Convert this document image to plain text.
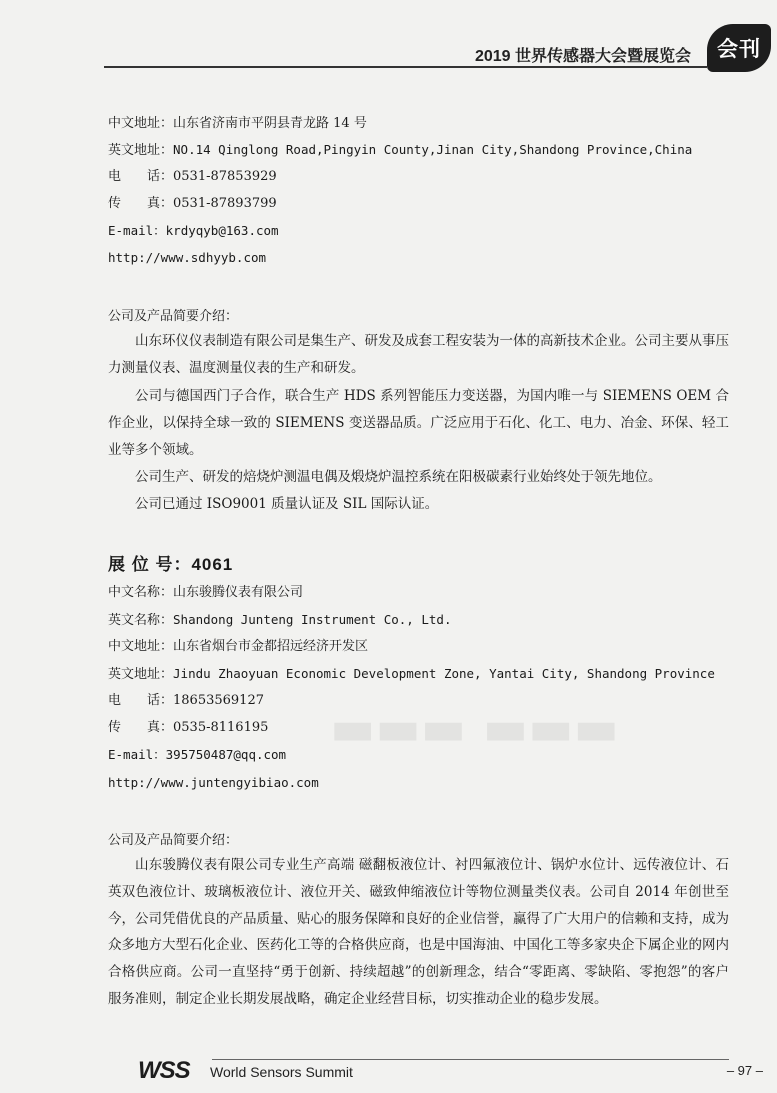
▬▬▬ ▬▬▬
2019 世界传感器大会暨展览会	会刊
中文地址：山东省济南市平阴县青龙路 14 号
英文地址：NO.14 Qinglong Road,Pingyin County,Jinan City,Shandong Province,China
电　　话：0531-87853929
传　　真：0531-87893799
E-mail：krdyqyb@163.com
http://www.sdhyyb.com
公司及产品简要介绍：
山东环仪仪表制造有限公司是集生产、研发及成套工程安装为一体的高新技术企业。公司主要从事压力测量仪表、温度测量仪表的生产和研发。
公司与德国西门子合作，联合生产 HDS 系列智能压力变送器，为国内唯一与 SIEMENS OEM 合作企业，以保持全球一致的 SIEMENS 变送器品质。广泛应用于石化、化工、电力、冶金、环保、轻工业等多个领域。
公司生产、研发的焙烧炉测温电偶及煅烧炉温控系统在阳极碳素行业始终处于领先地位。
公司已通过 ISO9001 质量认证及 SIL 国际认证。
展 位 号：4061
中文名称：山东骏腾仪表有限公司
英文名称：Shandong Junteng Instrument Co., Ltd.
中文地址：山东省烟台市金都招远经济开发区
英文地址：Jindu Zhaoyuan Economic Development Zone, Yantai City, Shandong Province
电　　话：18653569127
传　　真：0535-8116195
E-mail：395750487@qq.com
http://www.juntengyibiao.com
公司及产品简要介绍：
山东骏腾仪表有限公司专业生产高端 磁翻板液位计、衬四氟液位计、锅炉水位计、远传液位计、石英双色液位计、玻璃板液位计、液位开关、磁致伸缩液位计等物位测量类仪表。公司自 2014 年创世至今，公司凭借优良的产品质量、贴心的服务保障和良好的企业信誉，赢得了广大用户的信赖和支持，成为众多地方大型石化企业、医药化工等的合格供应商，也是中国海油、中国化工等多家央企下属企业的网内合格供应商。公司一直坚持“勇于创新、持续超越”的创新理念，结合“零距离、零缺陷、零抱怨”的客户服务准则，制定企业长期发展战略，确定企业经营目标，切实推动企业的稳步发展。
WSS World Sensors Summit	– 97 –
